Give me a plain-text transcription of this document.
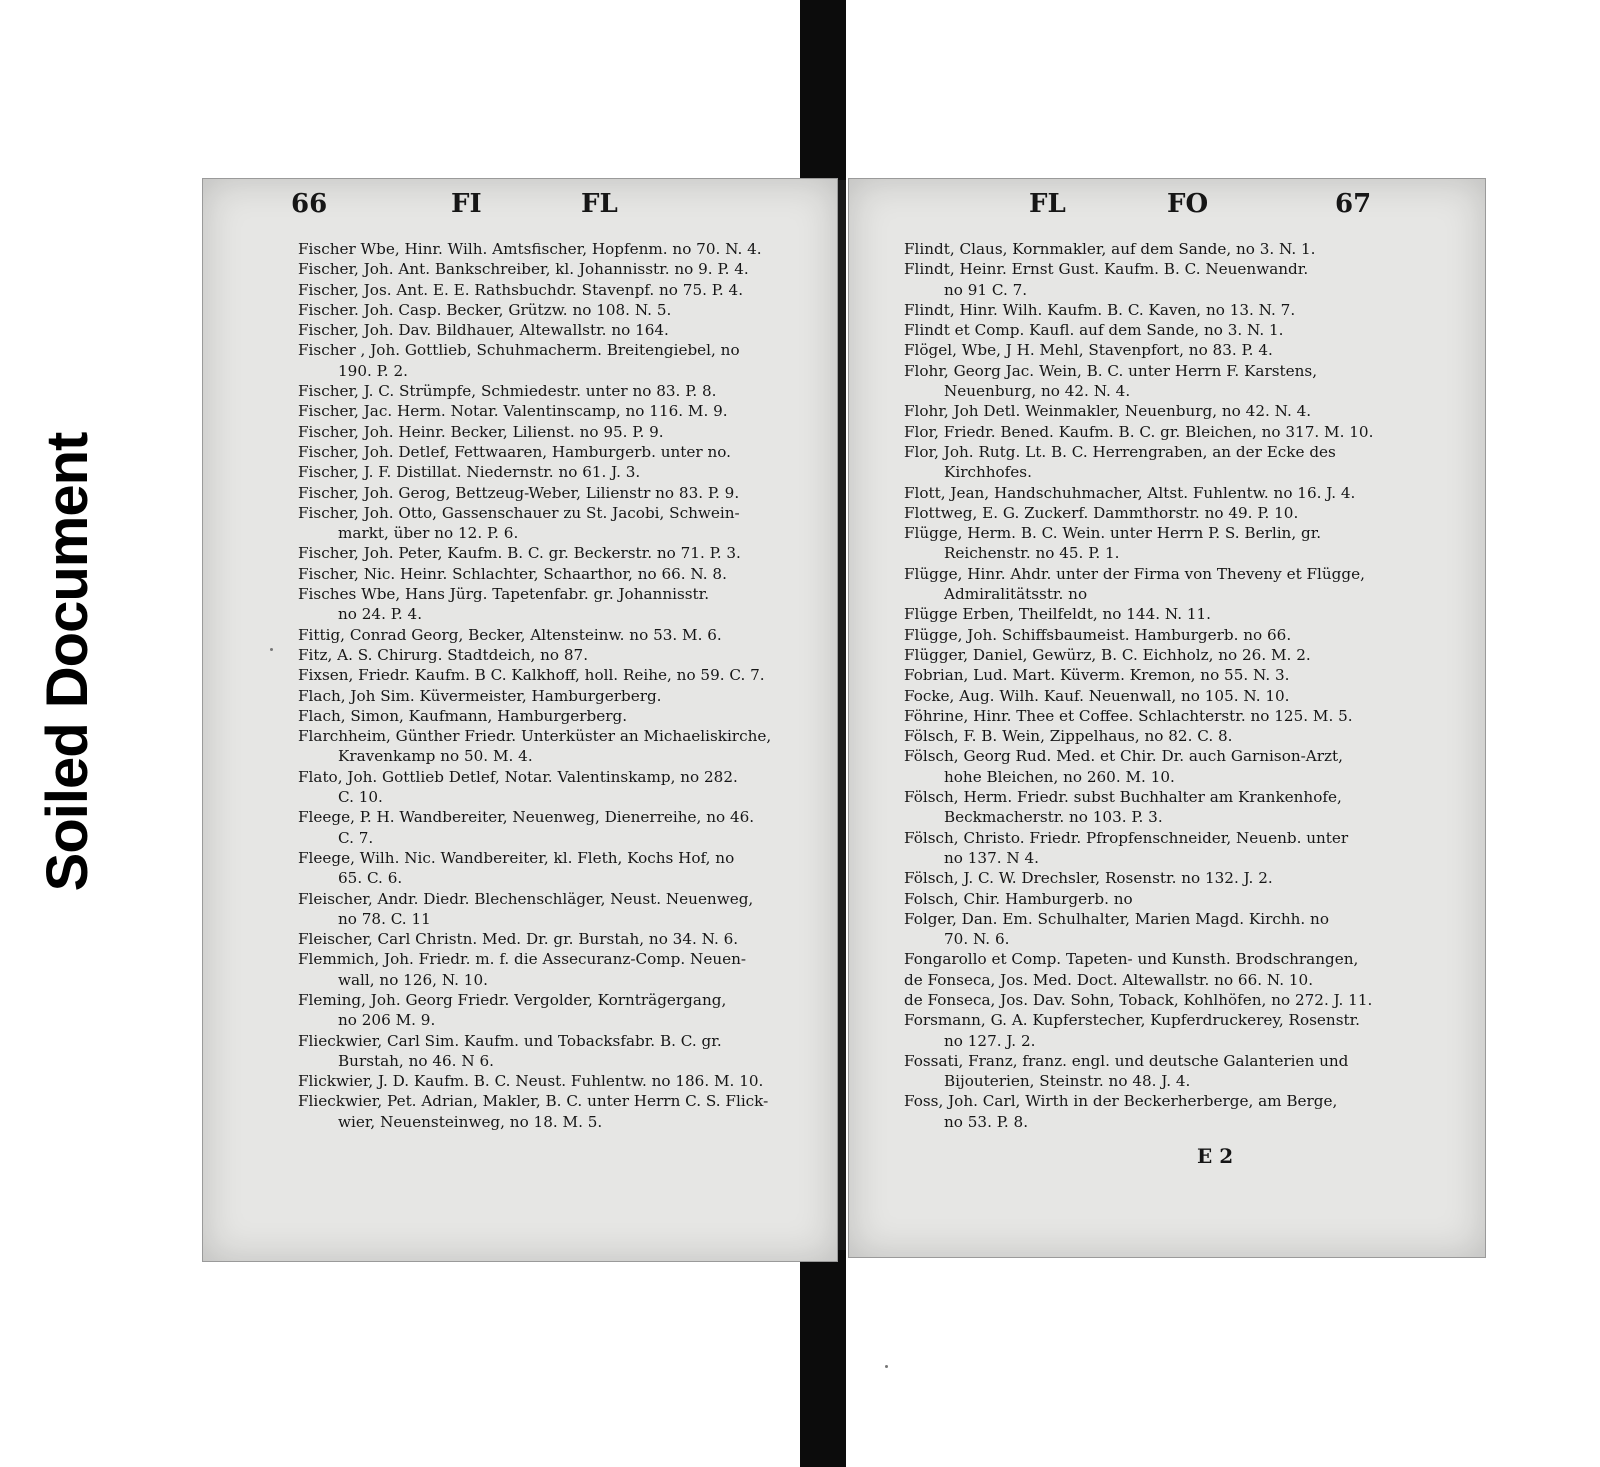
Soiled Document
66	FI	FL
Fischer Wbe, Hinr. Wilh. Amtsfischer, Hopfenm. no 70. N. 4.
Fischer, Joh. Ant. Bankschreiber, kl. Johannisstr. no 9. P. 4.
Fischer, Jos. Ant. E. E. Rathsbuchdr. Stavenpf. no 75. P. 4.
Fischer. Joh. Casp. Becker, Grützw. no 108. N. 5.
Fischer, Joh. Dav. Bildhauer, Altewallstr. no 164.
Fischer , Joh. Gottlieb, Schuhmacherm. Breitengiebel, no
190. P. 2.
Fischer, J. C. Strümpfe, Schmiedestr. unter no 83. P. 8.
Fischer, Jac. Herm. Notar. Valentinscamp, no 116. M. 9.
Fischer, Joh. Heinr. Becker, Lilienst. no 95. P. 9.
Fischer, Joh. Detlef, Fettwaaren, Hamburgerb. unter no.
Fischer, J. F. Distillat. Niedernstr. no 61. J. 3.
Fischer, Joh. Gerog, Bettzeug-Weber, Lilienstr no 83. P. 9.
Fischer, Joh. Otto, Gassenschauer zu St. Jacobi, Schwein-
markt, über no 12. P. 6.
Fischer, Joh. Peter, Kaufm. B. C. gr. Beckerstr. no 71. P. 3.
Fischer, Nic. Heinr. Schlachter, Schaarthor, no 66. N. 8.
Fisches Wbe, Hans Jürg. Tapetenfabr. gr. Johannisstr.
no 24. P. 4.
Fittig, Conrad Georg, Becker, Altensteinw. no 53. M. 6.
Fitz, A. S. Chirurg. Stadtdeich, no 87.
Fixsen, Friedr. Kaufm. B C. Kalkhoff, holl. Reihe, no 59. C. 7.
Flach, Joh Sim. Küvermeister, Hamburgerberg.
Flach, Simon, Kaufmann, Hamburgerberg.
Flarchheim, Günther Friedr. Unterküster an Michaeliskirche,
Kravenkamp no 50. M. 4.
Flato, Joh. Gottlieb Detlef, Notar. Valentinskamp, no 282.
C. 10.
Fleege, P. H. Wandbereiter, Neuenweg, Dienerreihe, no 46.
C. 7.
Fleege, Wilh. Nic. Wandbereiter, kl. Fleth, Kochs Hof, no
65. C. 6.
Fleischer, Andr. Diedr. Blechenschläger, Neust. Neuenweg,
no 78. C. 11
Fleischer, Carl Christn. Med. Dr. gr. Burstah, no 34. N. 6.
Flemmich, Joh. Friedr. m. f. die Assecuranz-Comp. Neuen-
wall, no 126, N. 10.
Fleming, Joh. Georg Friedr. Vergolder, Kornträgergang,
no 206 M. 9.
Flieckwier, Carl Sim. Kaufm. und Tobacksfabr. B. C. gr.
Burstah, no 46. N 6.
Flickwier, J. D. Kaufm. B. C. Neust. Fuhlentw. no 186. M. 10.
Flieckwier, Pet. Adrian, Makler, B. C. unter Herrn C. S. Flick-
wier, Neuensteinweg, no 18. M. 5.
FL	FO	67
Flindt, Claus, Kornmakler, auf dem Sande, no 3. N. 1.
Flindt, Heinr. Ernst Gust. Kaufm. B. C. Neuenwandr.
no 91 C. 7.
Flindt, Hinr. Wilh. Kaufm. B. C. Kaven, no 13. N. 7.
Flindt et Comp. Kaufl. auf dem Sande, no 3. N. 1.
Flögel, Wbe, J H. Mehl, Stavenpfort, no 83. P. 4.
Flohr, Georg Jac. Wein, B. C. unter Herrn F. Karstens,
Neuenburg, no 42. N. 4.
Flohr, Joh Detl. Weinmakler, Neuenburg, no 42. N. 4.
Flor, Friedr. Bened. Kaufm. B. C. gr. Bleichen, no 317. M. 10.
Flor, Joh. Rutg. Lt. B. C. Herrengraben, an der Ecke des
Kirchhofes.
Flott, Jean, Handschuhmacher, Altst. Fuhlentw. no 16. J. 4.
Flottweg, E. G. Zuckerf. Dammthorstr. no 49. P. 10.
Flügge, Herm. B. C. Wein. unter Herrn P. S. Berlin, gr.
Reichenstr. no 45. P. 1.
Flügge, Hinr. Ahdr. unter der Firma von Theveny et Flügge,
Admiralitätsstr. no
Flügge Erben, Theilfeldt, no 144. N. 11.
Flügge, Joh. Schiffsbaumeist. Hamburgerb. no 66.
Flügger, Daniel, Gewürz, B. C. Eichholz, no 26. M. 2.
Fobrian, Lud. Mart. Küverm. Kremon, no 55. N. 3.
Focke, Aug. Wilh. Kauf. Neuenwall, no 105. N. 10.
Föhrine, Hinr. Thee et Coffee. Schlachterstr. no 125. M. 5.
Fölsch, F. B. Wein, Zippelhaus, no 82. C. 8.
Fölsch, Georg Rud. Med. et Chir. Dr. auch Garnison-Arzt,
hohe Bleichen, no 260. M. 10.
Fölsch, Herm. Friedr. subst Buchhalter am Krankenhofe,
Beckmacherstr. no 103. P. 3.
Fölsch, Christo. Friedr. Pfropfenschneider, Neuenb. unter
no 137. N 4.
Fölsch, J. C. W. Drechsler, Rosenstr. no 132. J. 2.
Folsch, Chir. Hamburgerb. no
Folger, Dan. Em. Schulhalter, Marien Magd. Kirchh. no
70. N. 6.
Fongarollo et Comp. Tapeten- und Kunsth. Brodschrangen,
de Fonseca, Jos. Med. Doct. Altewallstr. no 66. N. 10.
de Fonseca, Jos. Dav. Sohn, Toback, Kohlhöfen, no 272. J. 11.
Forsmann, G. A. Kupferstecher, Kupferdruckerey, Rosenstr.
no 127. J. 2.
Fossati, Franz, franz. engl. und deutsche Galanterien und
Bijouterien, Steinstr. no 48. J. 4.
Foss, Joh. Carl, Wirth in der Beckerherberge, am Berge,
no 53. P. 8.
E 2
